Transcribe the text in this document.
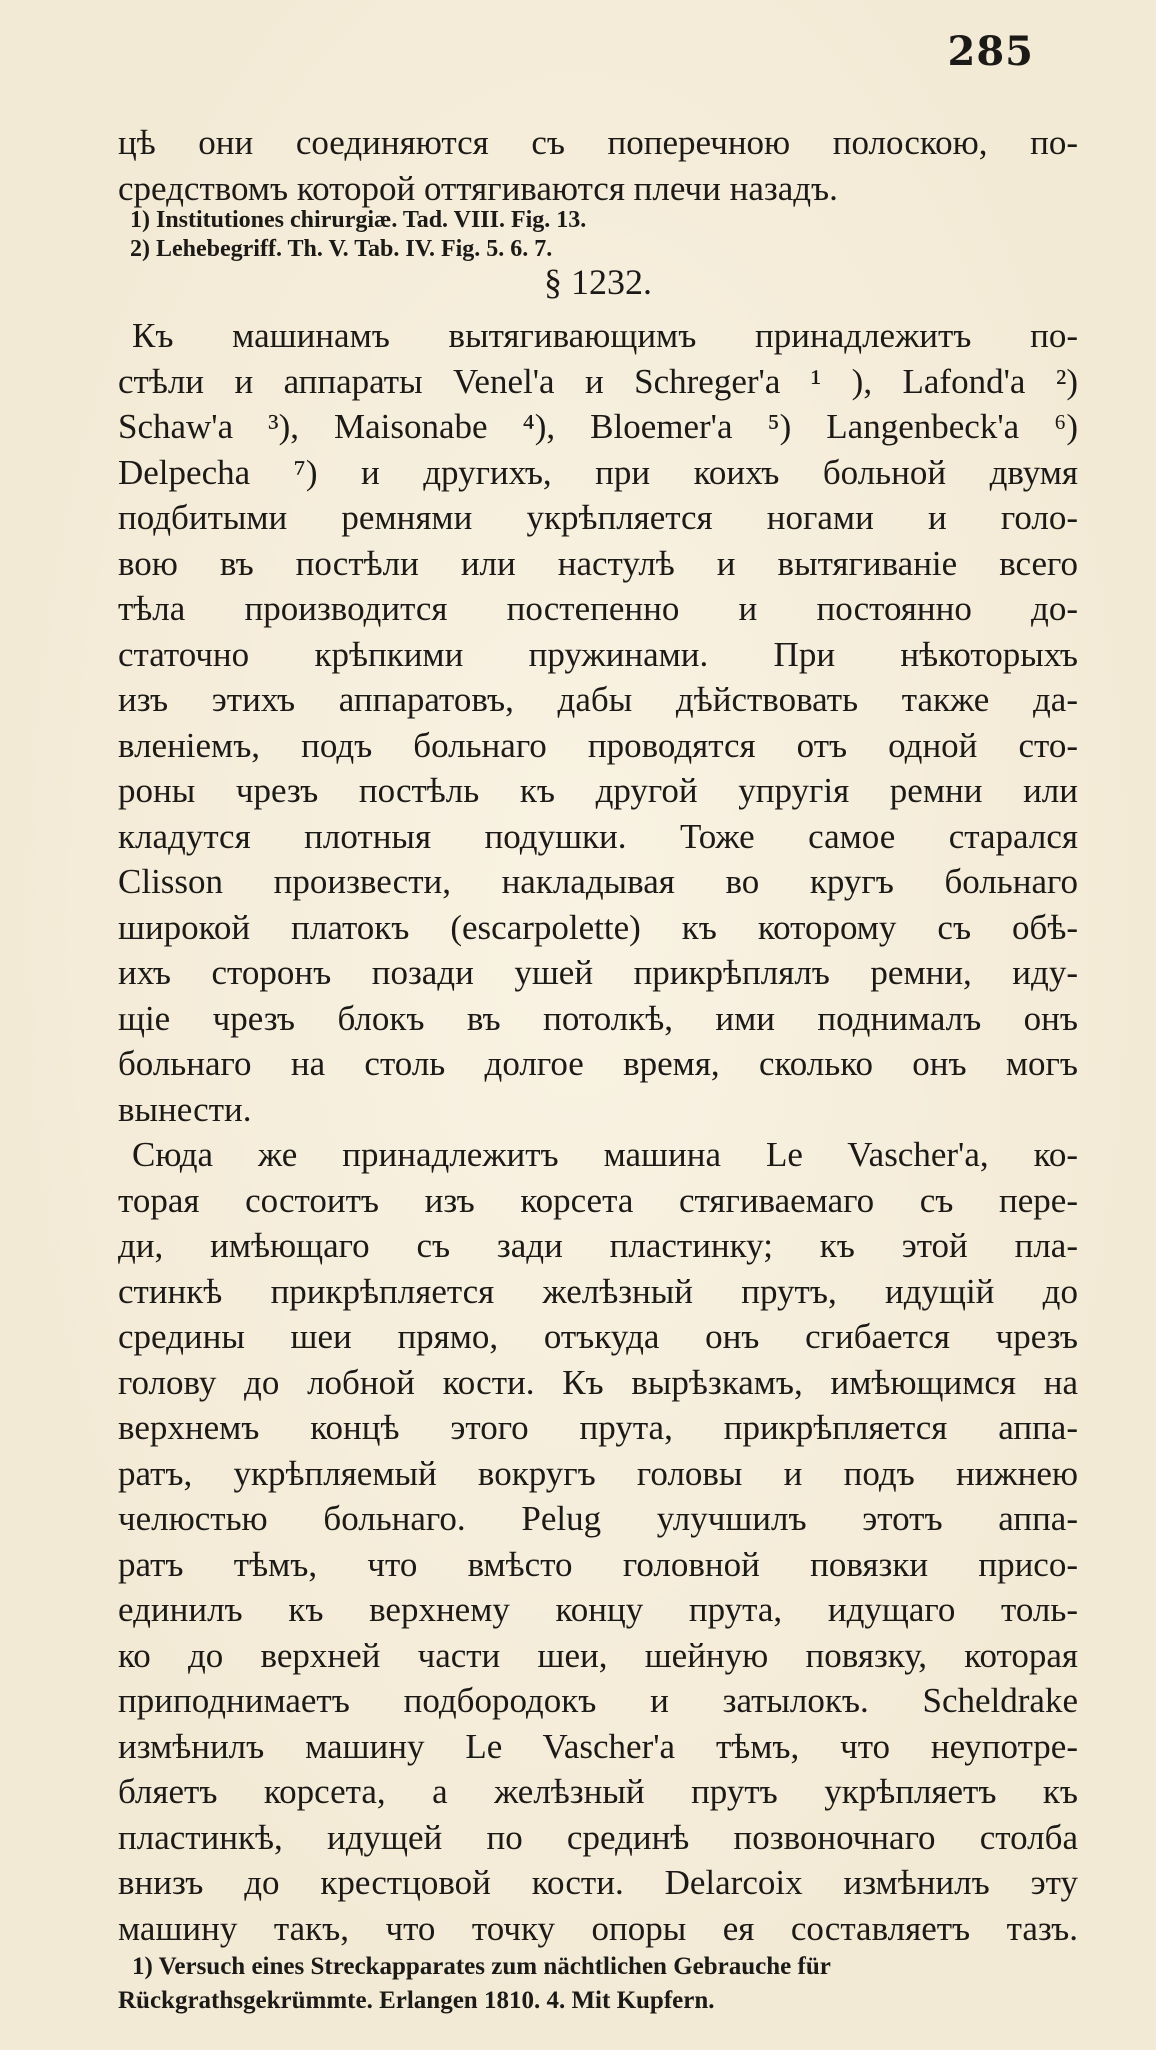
285
цѣ они соединяются съ поперечною полоскою, по-
средствомъ которой оттягиваются плечи назадъ.
1) Institutiones chirurgiæ. Tad. VIII. Fig. 13.
2) Lehebegriff. Th. V. Tab. IV. Fig. 5. 6. 7.
§ 1232.
Къ машинамъ вытягивающимъ принадлежитъ по-
стѣли и аппараты Venel'а и Schreger'а ¹ ), Lafond'а ²)
Schaw'а ³), Maisonabe ⁴), Bloemer'а ⁵) Langenbeck'а ⁶)
Delpecha ⁷) и другихъ, при коихъ больной двумя
подбитыми ремнями укрѣпляется ногами и голо-
вою въ постѣли или настулѣ и вытягиванiе всего
тѣла производится постепенно и постоянно до-
статочно крѣпкими пружинами. При нѣкоторыхъ
изъ этихъ аппаратовъ, дабы дѣйствовать также да-
вленiемъ, подъ больнаго проводятся отъ одной сто-
роны чрезъ постѣль къ другой упругiя ремни или
кладутся плотныя подушки. Тоже самое старался
Clisson произвести, накладывая во кругъ больнаго
широкой платокъ (escarpolette) къ которому съ обѣ-
ихъ сторонъ позади ушей прикрѣплялъ ремни, иду-
щiе чрезъ блокъ въ потолкѣ, ими поднималъ онъ
больнаго на столь долгое время, сколько онъ могъ
вынести.
Сюда же принадлежитъ машина Le Vascher'а, ко-
торая состоитъ изъ корсета стягиваемаго съ пере-
ди, имѣющаго съ зади пластинку; къ этой пла-
стинкѣ прикрѣпляется желѣзный прутъ, идущiй до
средины шеи прямо, отъкуда онъ сгибается чрезъ
голову до лобной кости. Къ вырѣзкамъ, имѣющимся на
верхнемъ концѣ этого прута, прикрѣпляется аппа-
ратъ, укрѣпляемый вокругъ головы и подъ нижнею
челюстью больнаго. Pelug улучшилъ этотъ аппа-
ратъ тѣмъ, что вмѣсто головной повязки присо-
единилъ къ верхнему концу прута, идущаго толь-
ко до верхней части шеи, шейную повязку, которая
приподнимаетъ подбородокъ и затылокъ. Scheldrake
измѣнилъ машину Le Vascher'а тѣмъ, что неупотре-
бляетъ корсета, а желѣзный прутъ укрѣпляетъ къ
пластинкѣ, идущей по срединѣ позвоночнаго столба
внизъ до крестцовой кости. Delarcoix измѣнилъ эту
машину такъ, что точку опоры ея составляетъ тазъ.
1) Versuch eines Streckapparates zum nächtlichen Gebrauche für
Rückgrathsgekrümmte. Erlangen 1810. 4. Mit Kupfern.
